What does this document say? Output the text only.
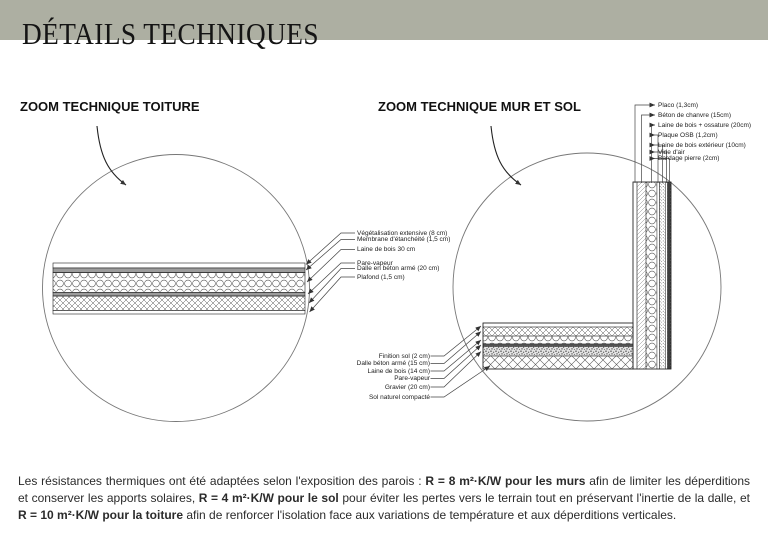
DÉTAILS TECHNIQUES
ZOOM TECHNIQUE TOITURE	ZOOM TECHNIQUE MUR ET SOL
Végétalisation extensive (8 cm)
Membrane d'étanchéité (1,5 cm)
Laine de bois 30 cm
Pare-vapeur
Dalle en béton armé (20 cm)
Plafond (1,5 cm)
Placo (1,3cm)
Béton de chanvre (15cm)
Laine de bois + ossature (20cm)
Plaque OSB (1,2cm)
Laine de bois extérieur (10cm)
Vide d'air
Bardage pierre (2cm)
Finition sol (2 cm)
Dalle béton armé (15 cm)
Laine de bois (14 cm)
Pare-vapeur
Gravier (20 cm)
Sol naturel compacté

Les résistances thermiques ont été adaptées selon l'exposition des parois : R = 8 m²·K/W pour les murs afin de limiter les déperditions et conserver les apports solaires, R = 4 m²·K/W pour le sol pour éviter les pertes vers le terrain tout en préservant l'inertie de la dalle, et R = 10 m²·K/W pour la toiture afin de renforcer l'isolation face aux variations de température et aux déperditions verticales.
